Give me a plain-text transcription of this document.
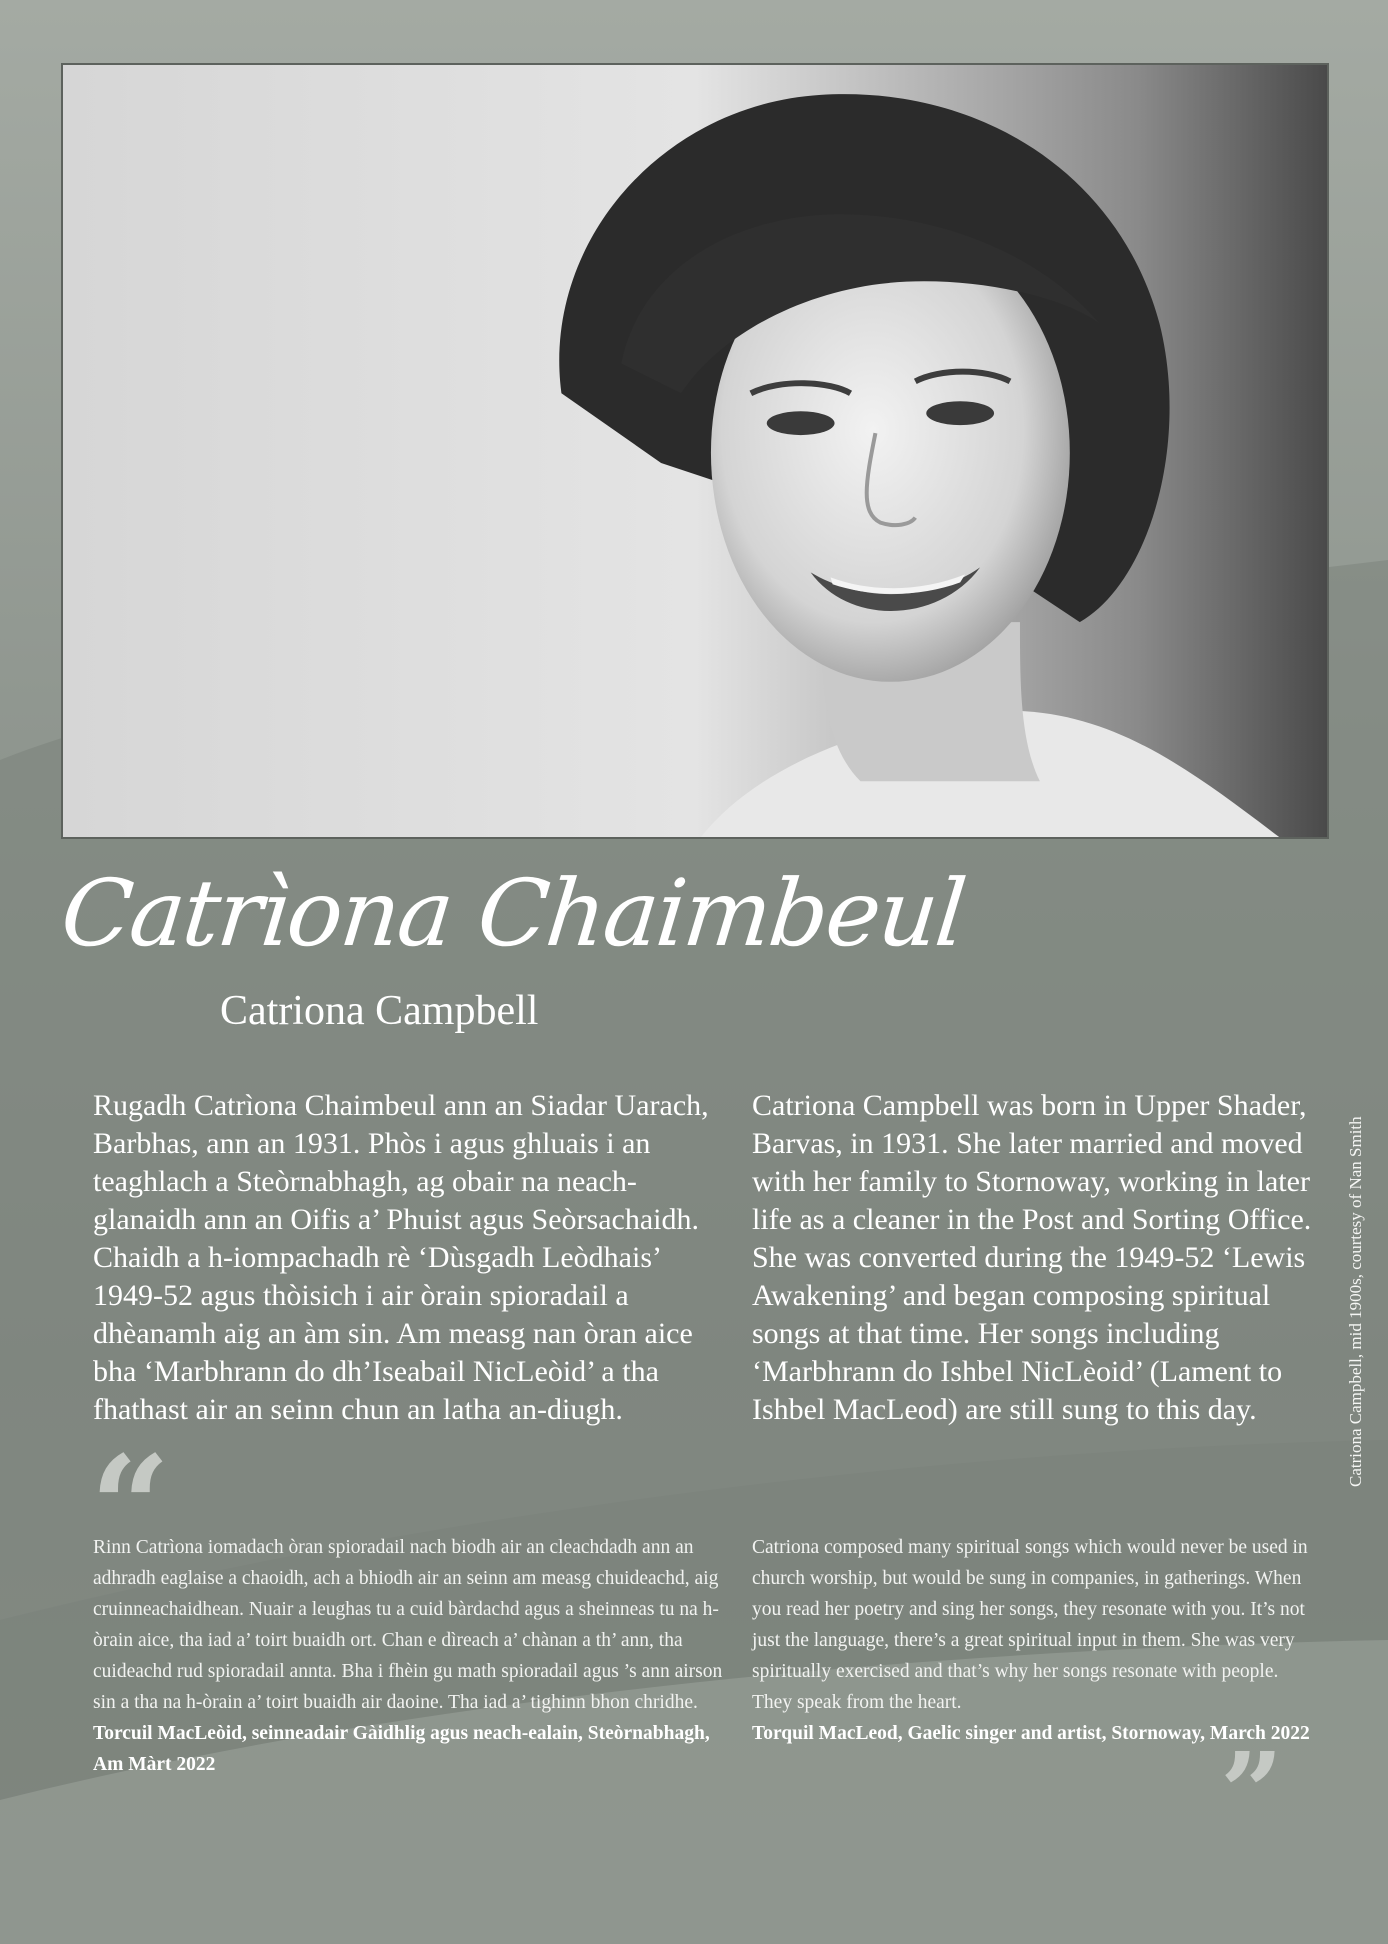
Catrìona Chaimbeul
Catriona Campbell
Rugadh Catrìona Chaimbeul ann an Siadar Uarach, Barbhas, ann an 1931. Phòs i agus ghluais i an teaghlach a Steòrnabhagh, ag obair na neach-glanaidh ann an Oifis a’ Phuist agus Seòrsachaidh. Chaidh a h-iompachadh rè ‘Dùsgadh Leòdhais’ 1949-52 agus thòisich i air òrain spioradail a dhèanamh aig an àm sin. Am measg nan òran aice bha ‘Marbhrann do dh’Iseabail NicLeòid’ a tha fhathast air an seinn chun an latha an-diugh.
Catriona Campbell was born in Upper Shader, Barvas, in 1931. She later married and moved with her family to Stornoway, working in later life as a cleaner in the Post and Sorting Office. She was converted during the 1949-52 ‘Lewis Awakening’ and began composing spiritual songs at that time. Her songs including ‘Marbhrann do Ishbel NicLèoid’ (Lament to Ishbel MacLeod) are still sung to this day.
“
Rinn Catrìona iomadach òran spioradail nach biodh air an cleachdadh ann an adhradh eaglaise a chaoidh, ach a bhiodh air an seinn am measg chuideachd, aig cruinneachaidhean. Nuair a leughas tu a cuid bàrdachd agus a sheinneas tu na h-òrain aice, tha iad a’ toirt buaidh ort. Chan e dìreach a’ chànan a th’ ann, tha cuideachd rud spioradail annta. Bha i fhèin gu math spioradail agus ’s ann airson sin a tha na h-òrain a’ toirt buaidh air daoine. Tha iad a’ tighinn bhon chridhe.
Torcuil MacLeòid, seinneadair Gàidhlig agus neach-ealain, Steòrnabhagh, Am Màrt 2022
Catriona composed many spiritual songs which would never be used in church worship, but would be sung in companies, in gatherings. When you read her poetry and sing her songs, they resonate with you. It’s not just the language, there’s a great spiritual input in them. She was very spiritually exercised and that’s why her songs resonate with people. They speak from the heart.
Torquil MacLeod, Gaelic singer and artist, Stornoway, March 2022
”
Catriona Campbell, mid 1900s, courtesy of Nan Smith
